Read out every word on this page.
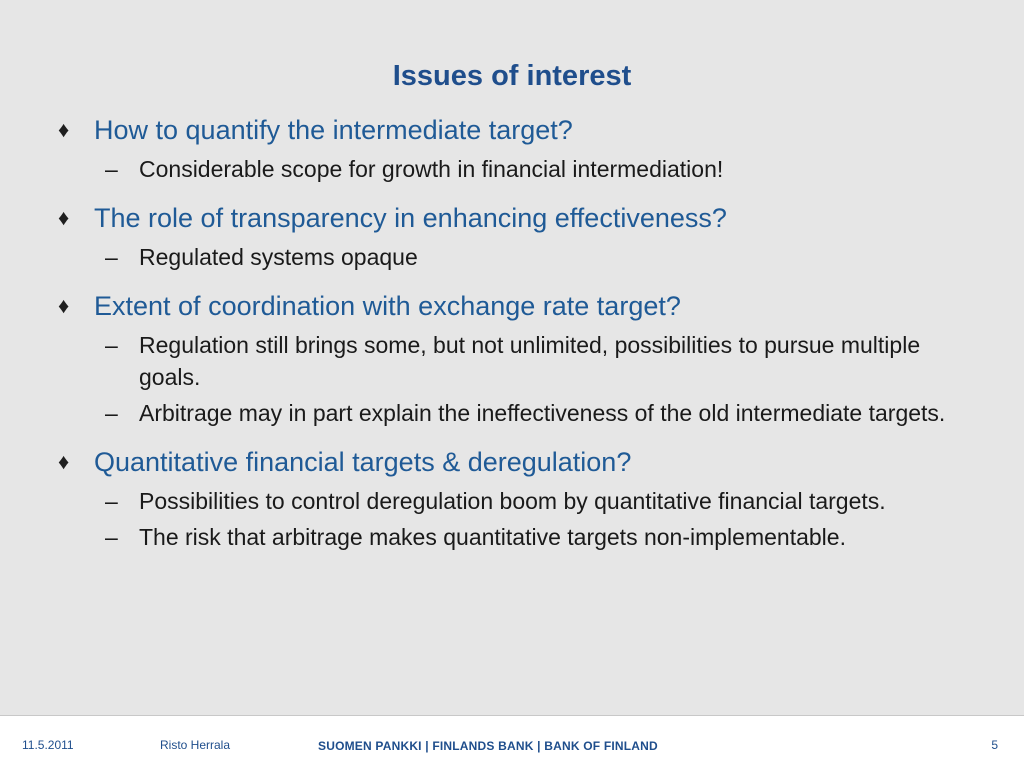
Issues of interest
♦ How to quantify the intermediate target?
– Considerable scope for growth in financial intermediation!
♦ The role of transparency in enhancing effectiveness?
– Regulated systems opaque
♦ Extent of coordination with exchange rate target?
– Regulation still brings some, but not unlimited, possibilities to pursue multiple goals.
– Arbitrage may in part explain the ineffectiveness of the old intermediate targets.
♦ Quantitative financial targets & deregulation?
– Possibilities to control deregulation boom by quantitative financial targets.
– The risk that arbitrage makes quantitative targets non-implementable.
11.5.2011	Risto Herrala	SUOMEN PANKKI | FINLANDS BANK | BANK OF FINLAND	5
